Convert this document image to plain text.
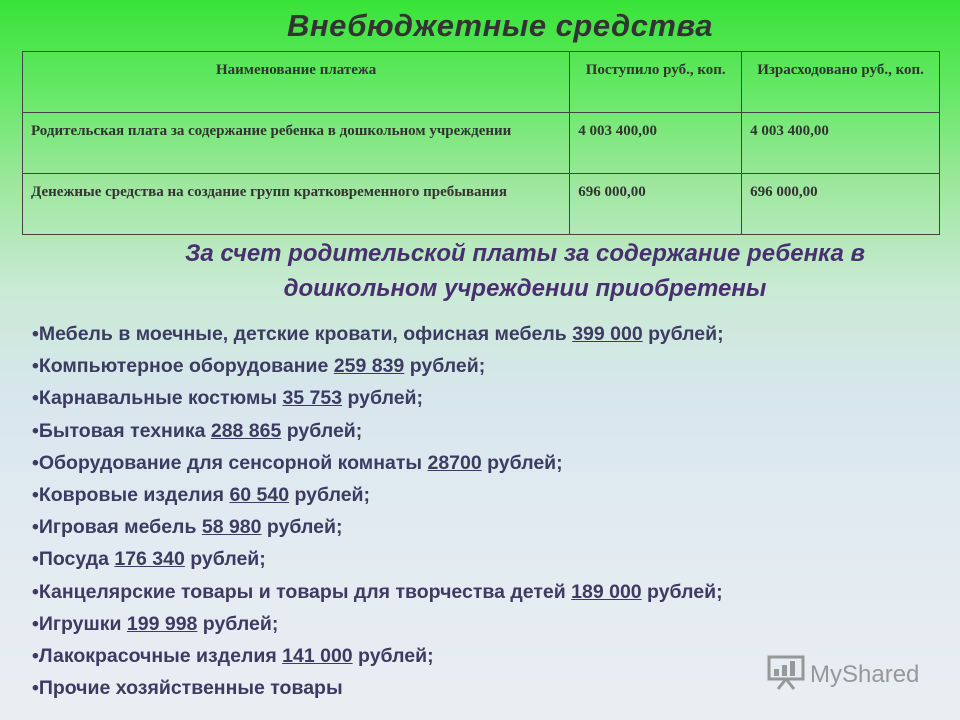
Внебюджетные средства
Наименование платежа	Поступило руб., коп.	Израсходовано руб., коп.
Родительская плата за содержание ребенка в дошкольном учреждении	4 003 400,00	4 003 400,00
Денежные средства на создание групп кратковременного пребывания	696 000,00	696 000,00
За счет родительской платы за содержание ребенка в дошкольном учреждении приобретены
•Мебель в моечные, детские кровати, офисная мебель 399 000 рублей;
•Компьютерное оборудование 259 839 рублей;
•Карнавальные костюмы 35 753 рублей;
•Бытовая техника 288 865 рублей;
•Оборудование для сенсорной комнаты 28700 рублей;
•Ковровые изделия 60 540 рублей;
•Игровая мебель 58 980 рублей;
•Посуда 176 340 рублей;
•Канцелярские товары и товары для творчества детей 189 000 рублей;
•Игрушки 199 998 рублей;
•Лакокрасочные изделия 141 000 рублей;
•Прочие хозяйственные товары
MyShared
